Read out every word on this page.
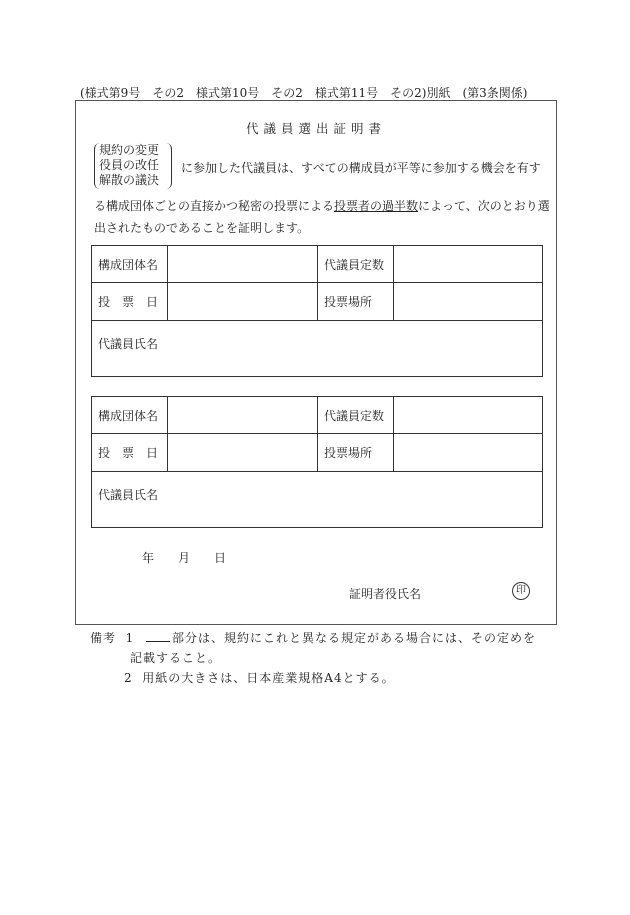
(様式第9号　その2　様式第10号　その2　様式第11号　その2)別紙　(第3条関係)
代議員選出証明書
規約の変更
役員の改任
解散の議決
に参加した代議員は、すべての構成員が平等に参加する機会を有す
る構成団体ごとの直接かつ秘密の投票による投票者の過半数によって、次のとおり選
出されたものであることを証明します。
構成団体名		代議員定数	
投　票　日		投票場所	
代議員氏名			
構成団体名		代議員定数	
投　票　日		投票場所	
代議員氏名			
年　　月　　日
証明者役氏名	印
備考 1	部分は、規約にこれと異なる規定がある場合には、その定めを
記載すること。
2 用紙の大きさは、日本産業規格A4とする。
